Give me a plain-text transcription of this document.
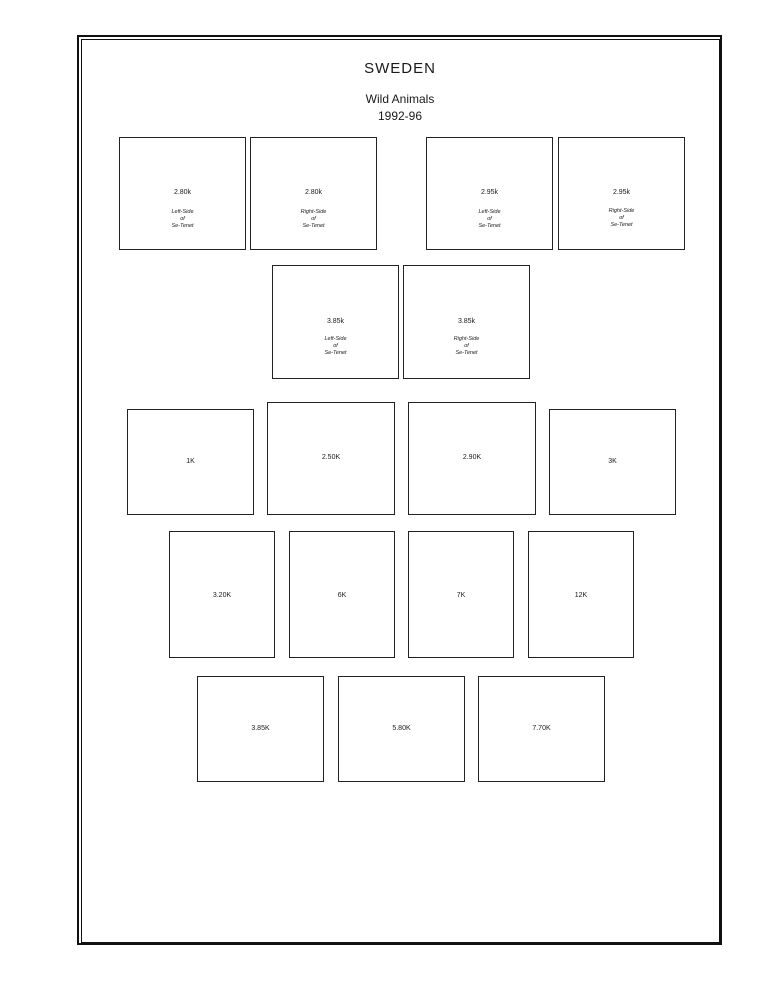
SWEDEN
Wild Animals
1992-96
2.80k
Left-Side
of
Se-Tenet
2.80k
Right-Side
of
Se-Tenet
2.95k
Left-Side
of
Se-Tenet
2.95k
Right-Side
of
Se-Tenet
3.85k
Left-Side
of
Se-Tenet
3.85k
Right-Side
of
Se-Tenet
1K
2.50K	2.90K
3K
3.20K	6K	7K	12K
3.85K	5.80K	7.70K
